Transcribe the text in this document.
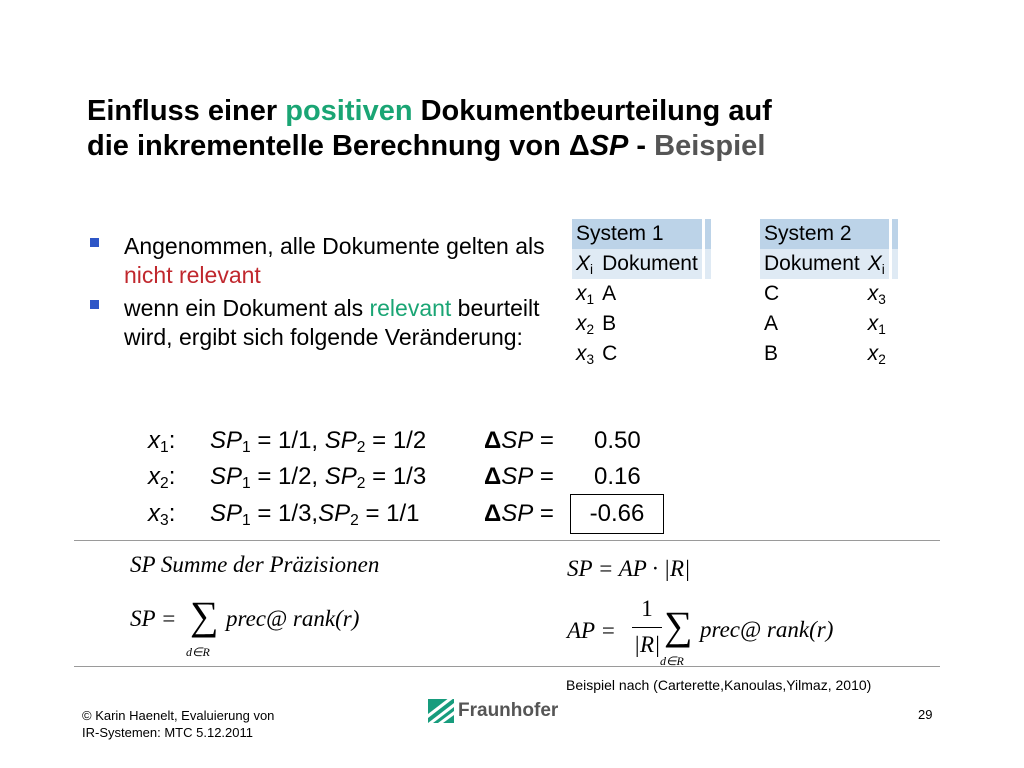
Einfluss einer positiven Dokumentbeurteilung auf
die inkrementelle Berechnung von ΔSP - Beispiel
Angenommen, alle Dokumente gelten als nicht relevant
wenn ein Dokument als relevant beurteilt wird, ergibt sich folgende Veränderung:
System 1		
$X_i$	Dokument	
$x_1$	A	
$x_2$	B	
$x_3$	C	
System 2		
Dokument	$X_i$	
C	$x_3$	
A	$x_1$	
B	$x_2$	
$x_1$: $SP_1 = 1/1$, $SP_2 = 1/2$ ΔSP = 0.50
$x_2$: $SP_1 = 1/2$, $SP_2 = 1/3$ ΔSP = 0.16
$x_3$: $SP_1 = 1/3,SP_2 = 1/1$	ΔSP =	-0.66
SP Summe der Präzisionen
SP = ∑
d∈R
prec@ rank(r)
SP = AP · |R|
AP =
1
|R| ∑
d∈R
prec@ rank(r)
Beispiel nach (Carterette,Kanoulas,Yilmaz, 2010)
© Karin Haenelt, Evaluierung von
IR-Systemen: MTC 5.12.2011
Fraunhofer	29
